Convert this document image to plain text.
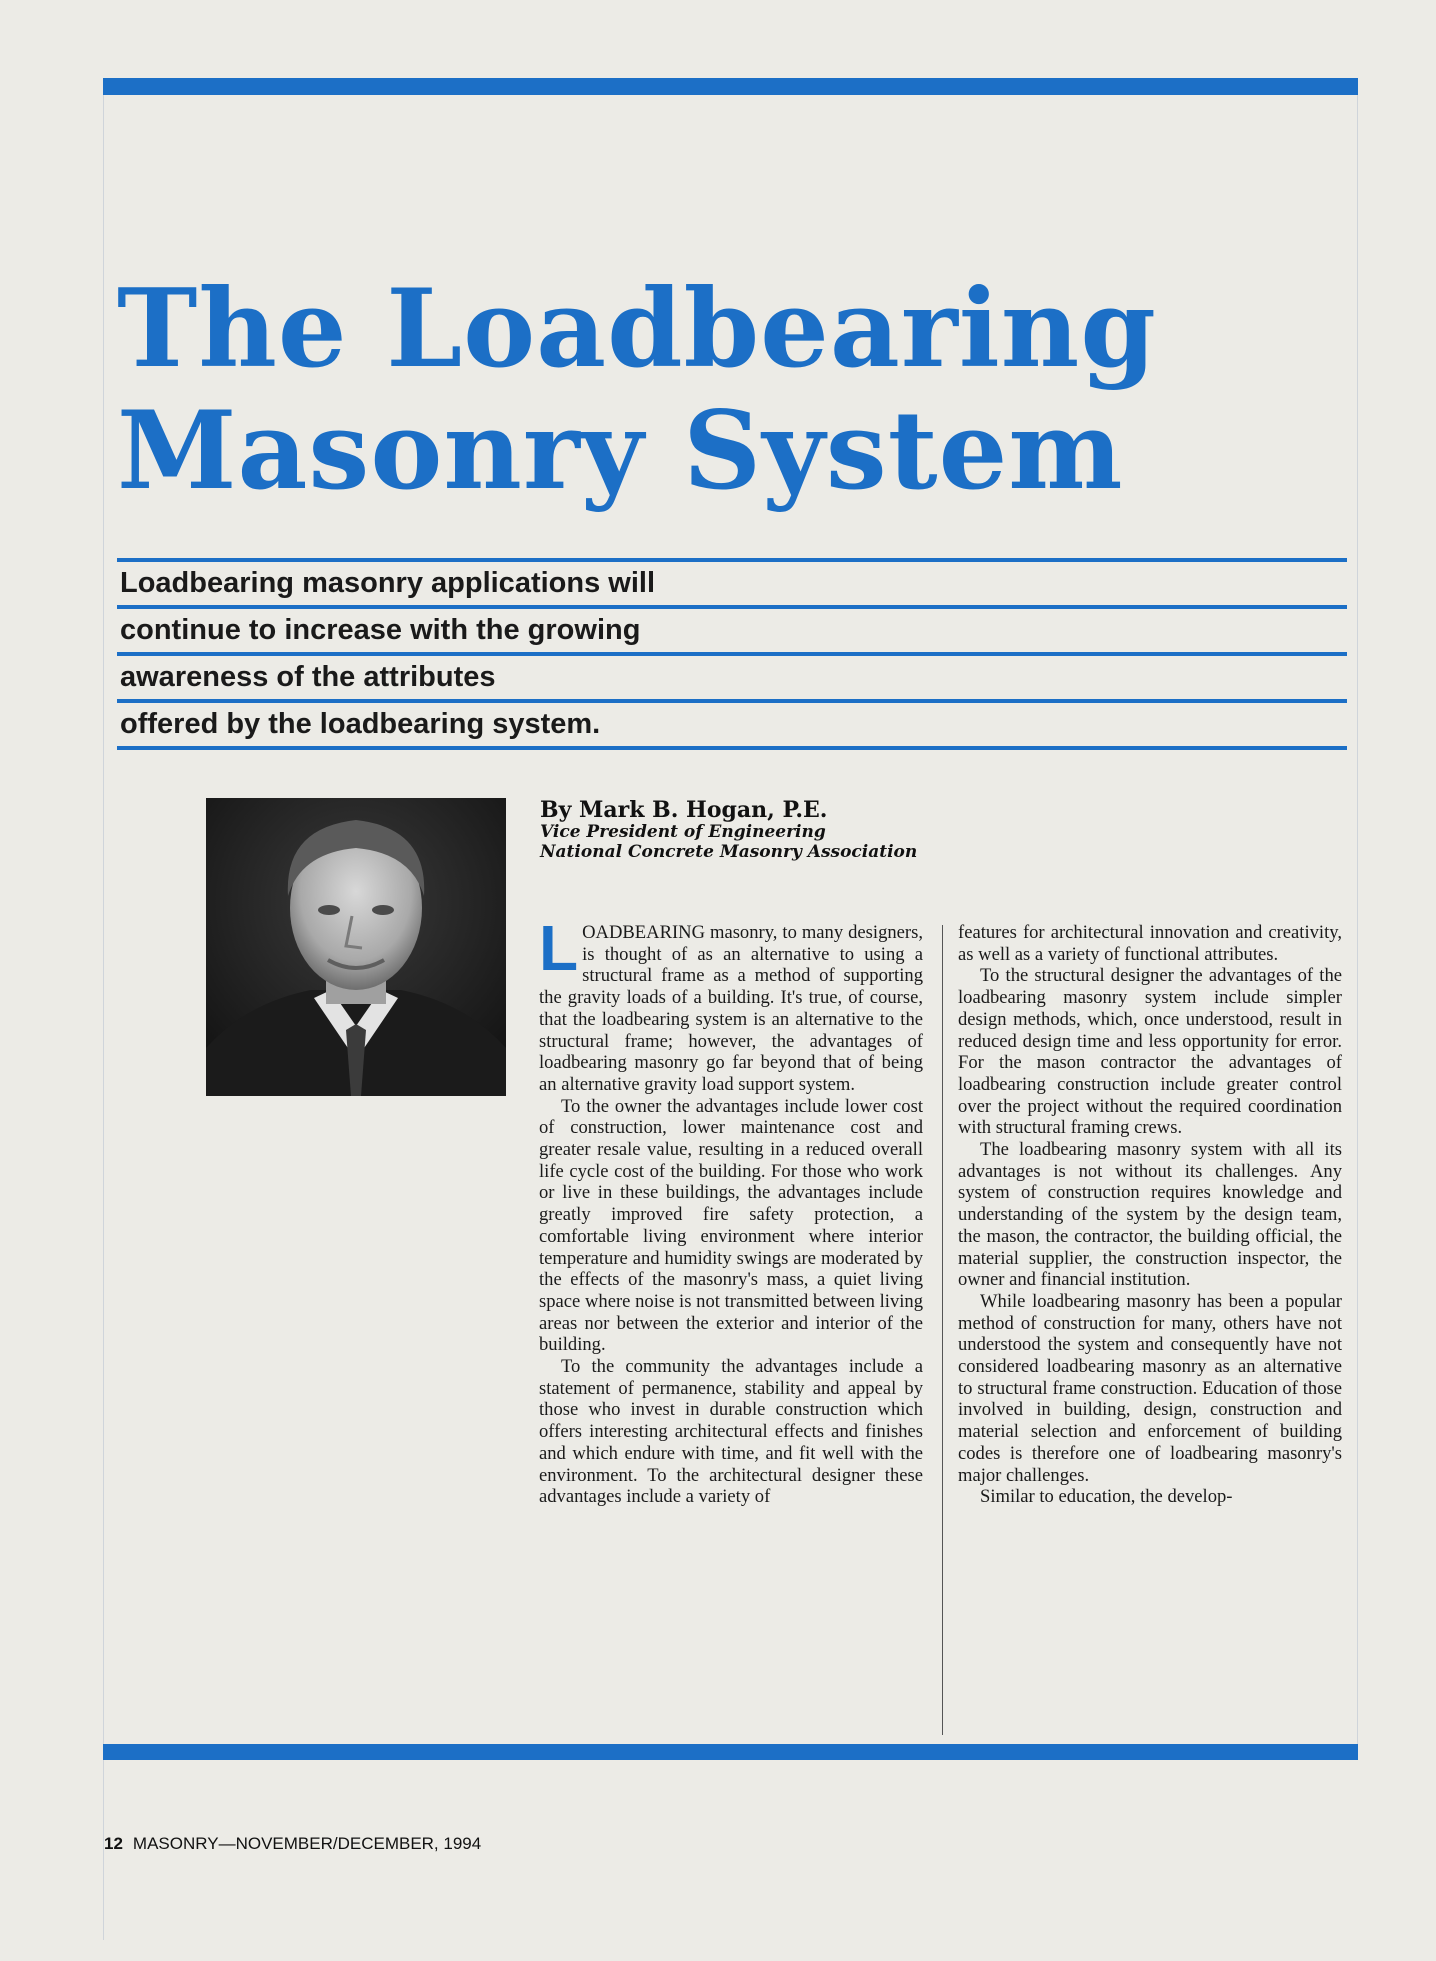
The Loadbearing
Masonry System
Loadbearing masonry applications will
continue to increase with the growing
awareness of the attributes
offered by the loadbearing system.
By Mark B. Hogan, P.E.
Vice President of Engineering
National Concrete Masonry Association

LOADBEARING masonry, to many designers, is thought of as an alternative to using a structural frame as a method of supporting the gravity loads of a building. It's true, of course, that the loadbearing system is an alternative to the structural frame; however, the advantages of loadbearing masonry go far beyond that of being an alternative gravity load support system.

To the owner the advantages include lower cost of construction, lower maintenance cost and greater resale value, resulting in a reduced overall life cycle cost of the building. For those who work or live in these buildings, the advantages include greatly improved fire safety protection, a comfortable living environment where interior temperature and humidity swings are moderated by the effects of the masonry's mass, a quiet living space where noise is not transmitted between living areas nor between the exterior and interior of the building.

To the community the advantages include a statement of permanence, stability and appeal by those who invest in durable construction which offers interesting architectural effects and finishes and which endure with time, and fit well with the environment. To the architectural designer these advantages include a variety of

features for architectural innovation and creativity, as well as a variety of functional attributes.

To the structural designer the advantages of the loadbearing masonry system include simpler design methods, which, once understood, result in reduced design time and less opportunity for error. For the mason contractor the advantages of loadbearing construction include greater control over the project without the required coordination with structural framing crews.

The loadbearing masonry system with all its advantages is not without its challenges. Any system of construction requires knowledge and understanding of the system by the design team, the mason, the contractor, the building official, the material supplier, the construction inspector, the owner and financial institution.

While loadbearing masonry has been a popular method of construction for many, others have not understood the system and consequently have not considered loadbearing masonry as an alternative to structural frame construction. Education of those involved in building, design, construction and material selection and enforcement of building codes is therefore one of loadbearing masonry's major challenges.

Similar to education, the develop-

12 MASONRY—NOVEMBER/DECEMBER, 1994
